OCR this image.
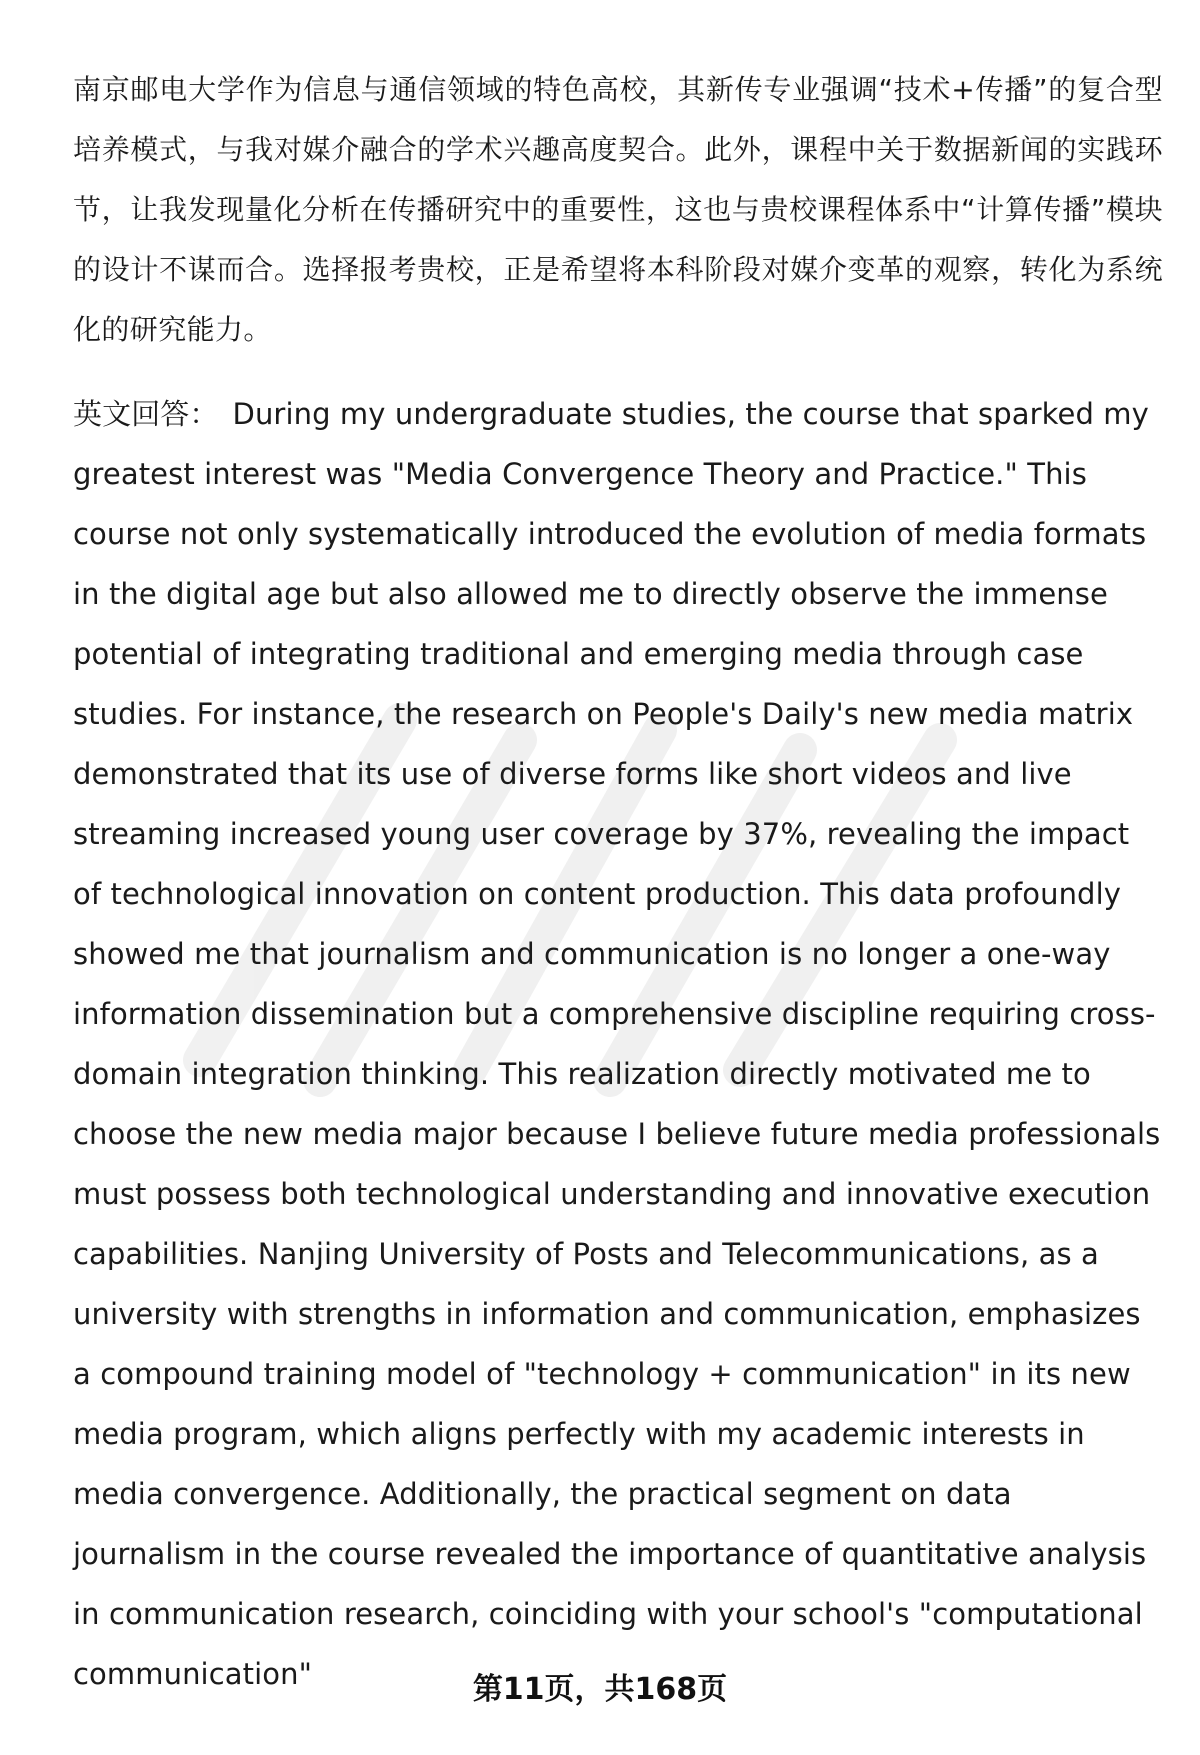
南京邮电大学作为信息与通信领域的特色高校，其新传专业强调“技术+传播”的复合型培养模式，与我对媒介融合的学术兴趣高度契合。此外，课程中关于数据新闻的实践环节，让我发现量化分析在传播研究中的重要性，这也与贵校课程体系中“计算传播”模块的设计不谋而合。选择报考贵校，正是希望将本科阶段对媒介变革的观察，转化为系统化的研究能力。

英文回答： During my undergraduate studies, the course that sparked my greatest interest was "Media Convergence Theory and Practice." This course not only systematically introduced the evolution of media formats in the digital age but also allowed me to directly observe the immense potential of integrating traditional and emerging media through case studies. For instance, the research on People's Daily's new media matrix demonstrated that its use of diverse forms like short videos and live streaming increased young user coverage by 37%, revealing the impact of technological innovation on content production. This data profoundly showed me that journalism and communication is no longer a one-way information dissemination but a comprehensive discipline requiring cross-domain integration thinking. This realization directly motivated me to choose the new media major because I believe future media professionals must possess both technological understanding and innovative execution capabilities. Nanjing University of Posts and Telecommunications, as a university with strengths in information and communication, emphasizes a compound training model of "technology + communication" in its new media program, which aligns perfectly with my academic interests in media convergence. Additionally, the practical segment on data journalism in the course revealed the importance of quantitative analysis in communication research, coinciding with your school's "computational communication"	第11页，共168页
